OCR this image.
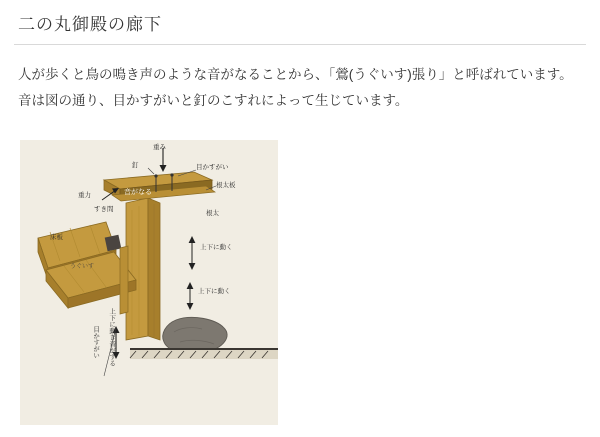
二の丸御殿の廊下

人が歩くと鳥の鳴き声のような音がなることから、「鶯(うぐいす)張り」と呼ばれています。

音は図の通り、目かすがいと釘のこすれによって生じています。

重み
釘	目かすがい
根太板
重力	音がなる
すき間
根太
床板
うぐいす
上下に動く
上下に動く
上下に動き音がする
目かすがい
